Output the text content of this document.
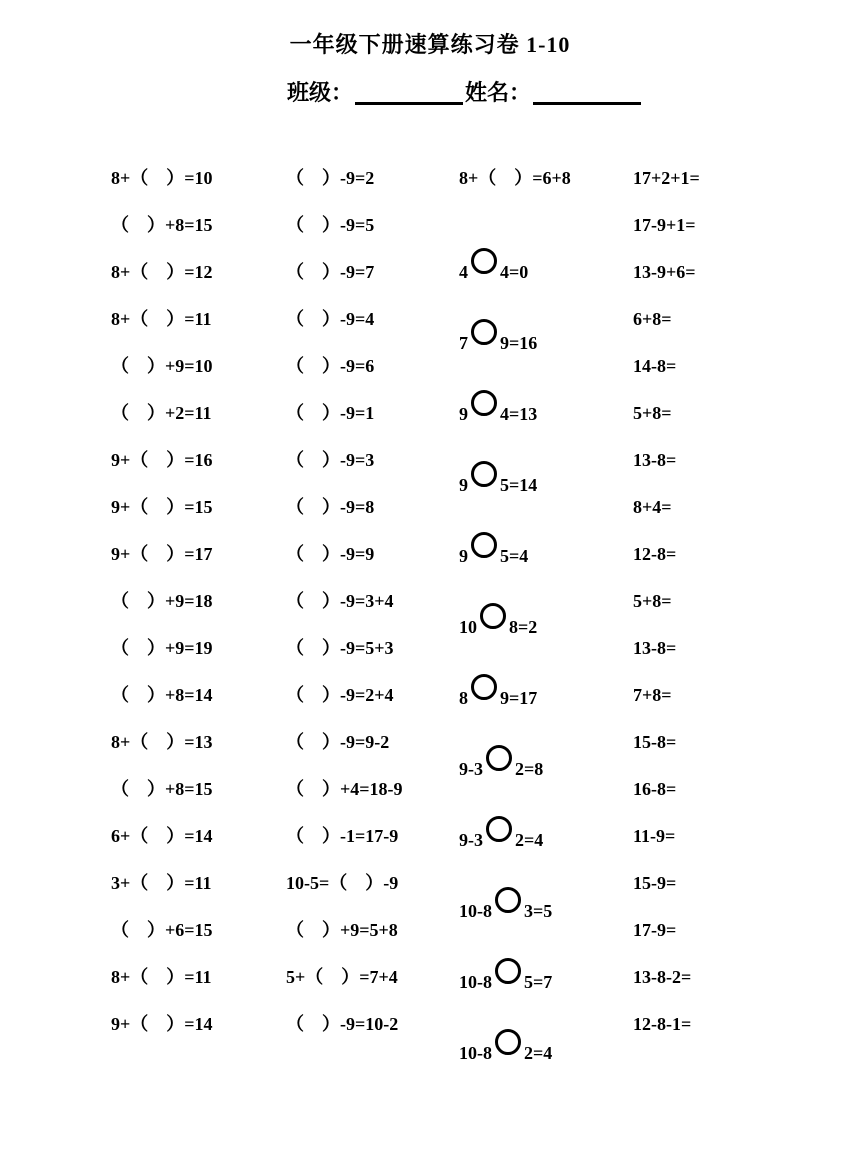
一年级下册速算练习卷 1-10
班级：	姓名：
8+（　）=10
（　）+8=15
8+（　）=12
8+（　）=11
（　）+9=10
（　）+2=11
9+（　）=16
9+（　）=15
9+（　）=17
（　）+9=18
（　）+9=19
（　）+8=14
8+（　）=13
（　）+8=15
6+（　）=14
3+（　）=11
（　）+6=15
8+（　）=11
9+（　）=14
（　）-9=2
（　）-9=5
（　）-9=7
（　）-9=4
（　）-9=6
（　）-9=1
（　）-9=3
（　）-9=8
（　）-9=9
（　）-9=3+4
（　）-9=5+3
（　）-9=2+4
（　）-9=9-2
（　）+4=18-9
（　）-1=17-9
10-5=（　）-9
（　）+9=5+8
5+（　）=7+4
（　）-9=10-2
8+（　）=6+8
4 4=0
7 9=16
9 4=13
9 5=14
9 5=4
10 8=2
8 9=17
9-3 2=8
9-3 2=4
10-8 3=5
10-8 5=7
10-8 2=4
17+2+1=
17-9+1=
13-9+6=
6+8=
14-8=
5+8=
13-8=
8+4=
12-8=
5+8=
13-8=
7+8=
15-8=
16-8=
11-9=
15-9=
17-9=
13-8-2=
12-8-1=
